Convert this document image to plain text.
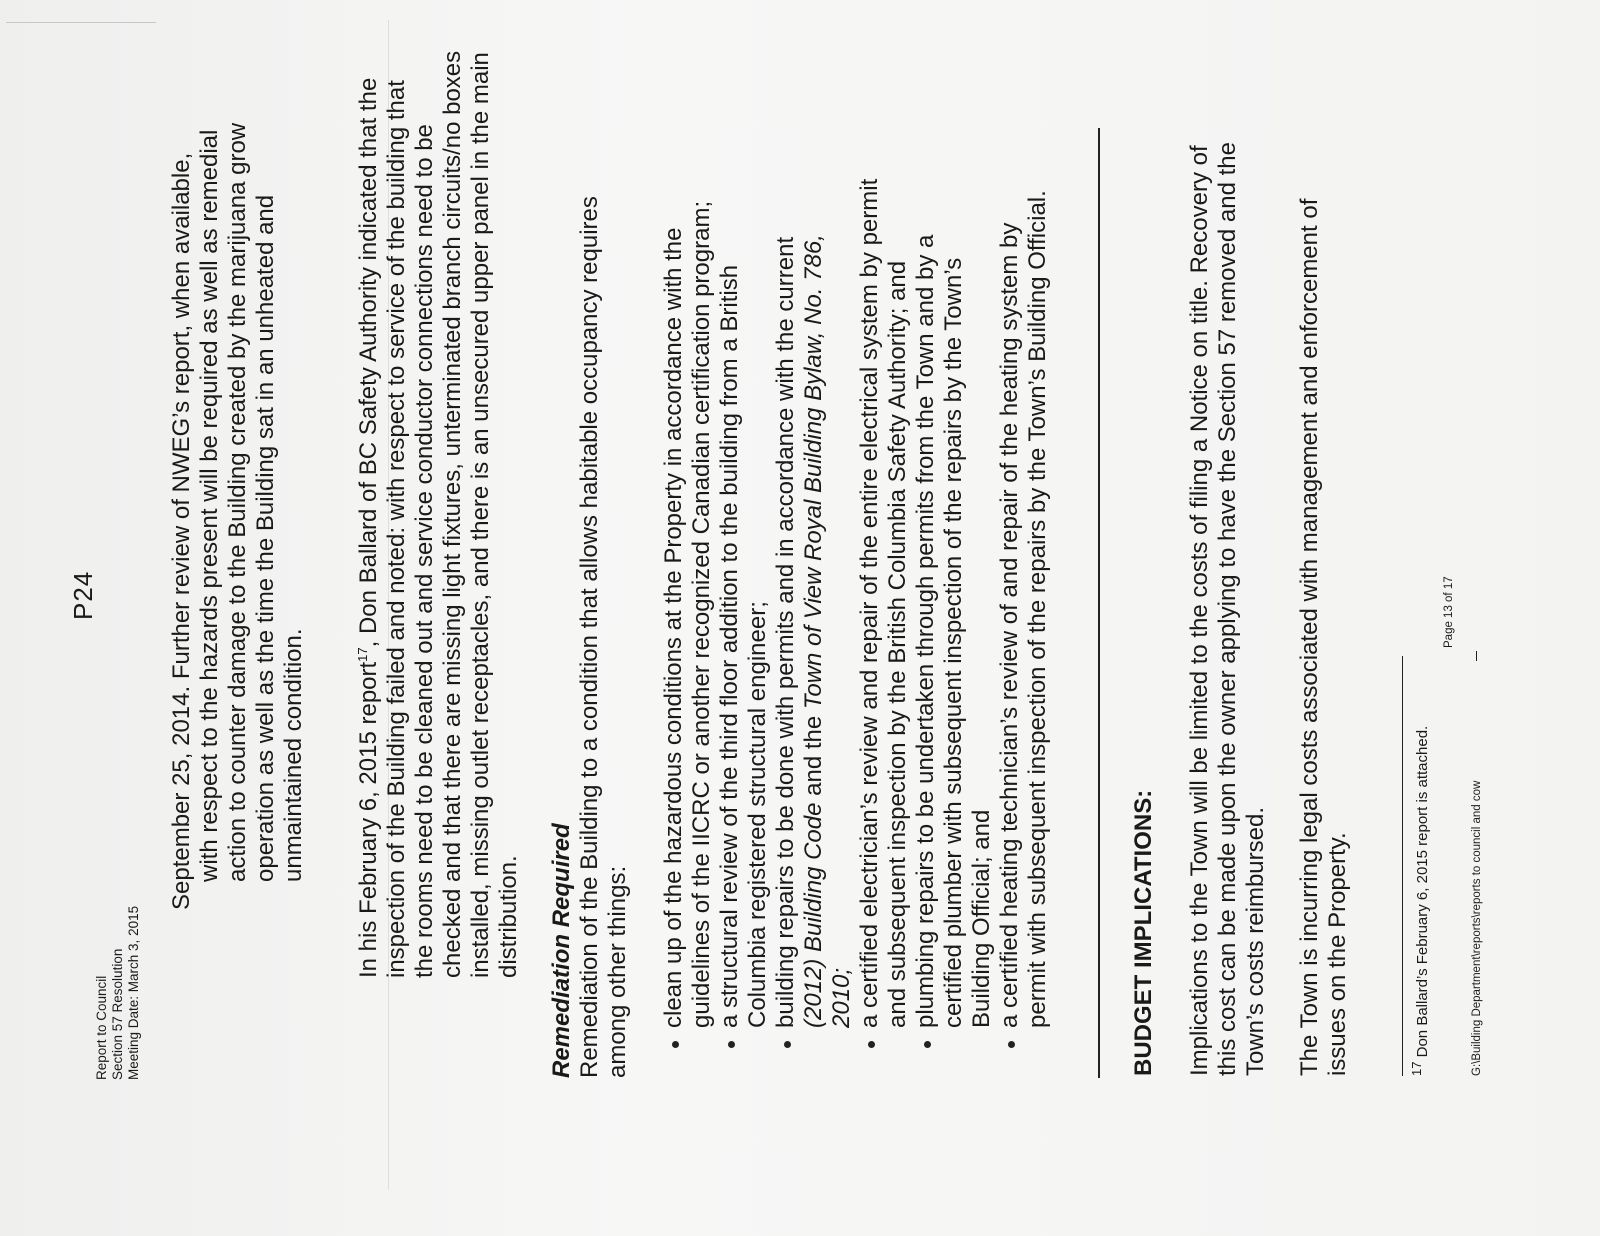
Report to Council Section 57 Resolution Meeting Date: March 3, 2015
P24	September 25, 2014. Further review of NWEG’s report, when available, with respect to the hazards present will be required as well as remedial action to counter damage to the Building created by the marijuana grow operation as well as the time the Building sat in an unheated and unmaintained condition. In his February 6, 2015 report$^{17}$, Don Ballard of BC Safety Authority indicated that the inspection of the Building failed and noted: with respect to service of the building that the rooms need to be cleaned out and service conductor connections need to be checked and that there are missing light fixtures, unterminated branch circuits/no boxes installed, missing outlet receptacles, and there is an unsecured upper panel in the main distribution. Remediation Required Remediation of the Building to a condition that allows habitable occupancy requires among other things: clean up of the hazardous conditions at the Property in accordance with the guidelines of the IICRC or another recognized Canadian certification program; a structural review of the third floor addition to the building from a British Columbia registered structural engineer; building repairs to be done with permits and in accordance with the current (2012) Building Code and the Town of View Royal Building Bylaw, No. 786,
2010; a certified electrician’s review and repair of the entire electrical system by permit and subsequent inspection by the British Columbia Safety Authority; and plumbing repairs to be undertaken through permits from the Town and by a certified plumber with subsequent inspection of the repairs by the Town’s Building Official; and a certified heating technician’s review of and repair of the heating system by permit with subsequent inspection of the repairs by the Town’s Building Official.	BUDGET IMPLICATIONS: Implications to the Town will be limited to the costs of filing a Notice on title. Recovery of this cost can be made upon the owner applying to have the Section 57 removed and the Town’s costs reimbursed. The Town is incurring legal costs associated with management and enforcement of issues on the Property.	$^{17}$ Don Ballard’s February 6, 2015 report is attached.
Page 13 of 17
G:\Building Department\reports\reports to council and cow
